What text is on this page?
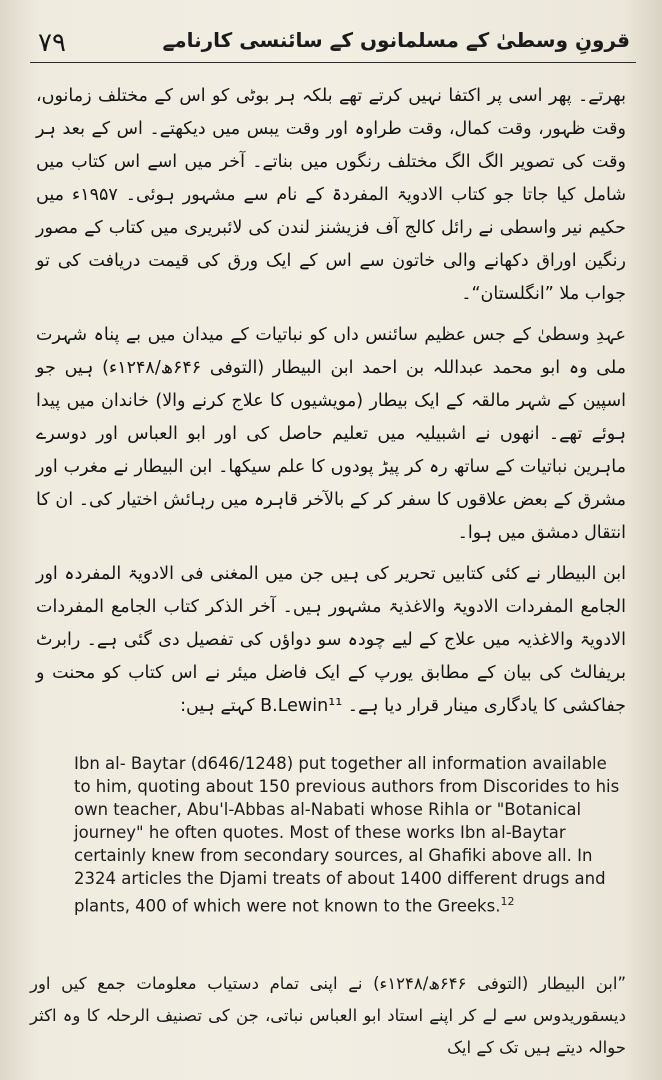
۷۹	قرونِ وسطیٰ کے مسلمانوں کے سائنسی کارنامے

بھرتے۔ پھر اسی پر اکتفا نہیں کرتے تھے بلکہ ہر بوٹی کو اس کے مختلف زمانوں، وقت ظہور، وقت کمال، وقت طراوہ اور وقت یبس میں دیکھتے۔ اس کے بعد ہر وقت کی تصویر الگ الگ مختلف رنگوں میں بناتے۔ آخر میں اسے اس کتاب میں شامل کیا جاتا جو کتاب الادویۃ المفردۃ کے نام سے مشہور ہوئی۔ ۱۹۵۷ء میں حکیم نیر واسطی نے رائل کالج آف فزیشنز لندن کی لائبریری میں کتاب کے مصور رنگین اوراق دکھانے والی خاتون سے اس کے ایک ورق کی قیمت دریافت کی تو جواب ملا ”انگلستان“۔

عہدِ وسطیٰ کے جس عظیم سائنس داں کو نباتیات کے میدان میں بے پناہ شہرت ملی وہ ابو محمد عبداللہ بن احمد ابن البیطار (التوفی ۶۴۶ھ/۱۲۴۸ء) ہیں جو اسپین کے شہر مالقہ کے ایک بیطار (مویشیوں کا علاج کرنے والا) خاندان میں پیدا ہوئے تھے۔ انھوں نے اشبیلیہ میں تعلیم حاصل کی اور ابو العباس اور دوسرے ماہرین نباتیات کے ساتھ رہ کر پیڑ پودوں کا علم سیکھا۔ ابن البیطار نے مغرب اور مشرق کے بعض علاقوں کا سفر کر کے بالآخر قاہرہ میں رہائش اختیار کی۔ ان کا انتقال دمشق میں ہوا۔

ابن البیطار نے کئی کتابیں تحریر کی ہیں جن میں المغنی فی الادویۃ المفردہ اور الجامع المفردات الادویۃ والاغذیۃ مشہور ہیں۔ آخر الذکر کتاب الجامع المفردات الادویۃ والاغذیہ میں علاج کے لیے چودہ سو دواؤں کی تفصیل دی گئی ہے۔ رابرٹ بریفالٹ کی بیان کے مطابق یورپ کے ایک فاضل میئر نے اس کتاب کو محنت و جفاکشی کا یادگاری مینار قرار دیا ہے۔ B.Lewin¹¹ کہتے ہیں:

Ibn al- Baytar (d646/1248) put together all information available to him, quoting about 150 previous authors from Discorides to his own teacher, Abu'l-Abbas al-Nabati whose Rihla or "Botanical journey" he often quotes. Most of these works Ibn al-Baytar certainly knew from secondary sources, al Ghafiki above all. In 2324 articles the Djami treats of about 1400 different drugs and plants, 400 of which were not known to the Greeks.$^{12}$
”ابن البیطار (التوفی ۶۴۶ھ/۱۲۴۸ء) نے اپنی تمام دستیاب معلومات جمع کیں اور دیسقوریدوس سے لے کر اپنے استاد ابو العباس نباتی، جن کی تصنیف الرحلہ کا وہ اکثر حوالہ دیتے ہیں تک کے ایک
